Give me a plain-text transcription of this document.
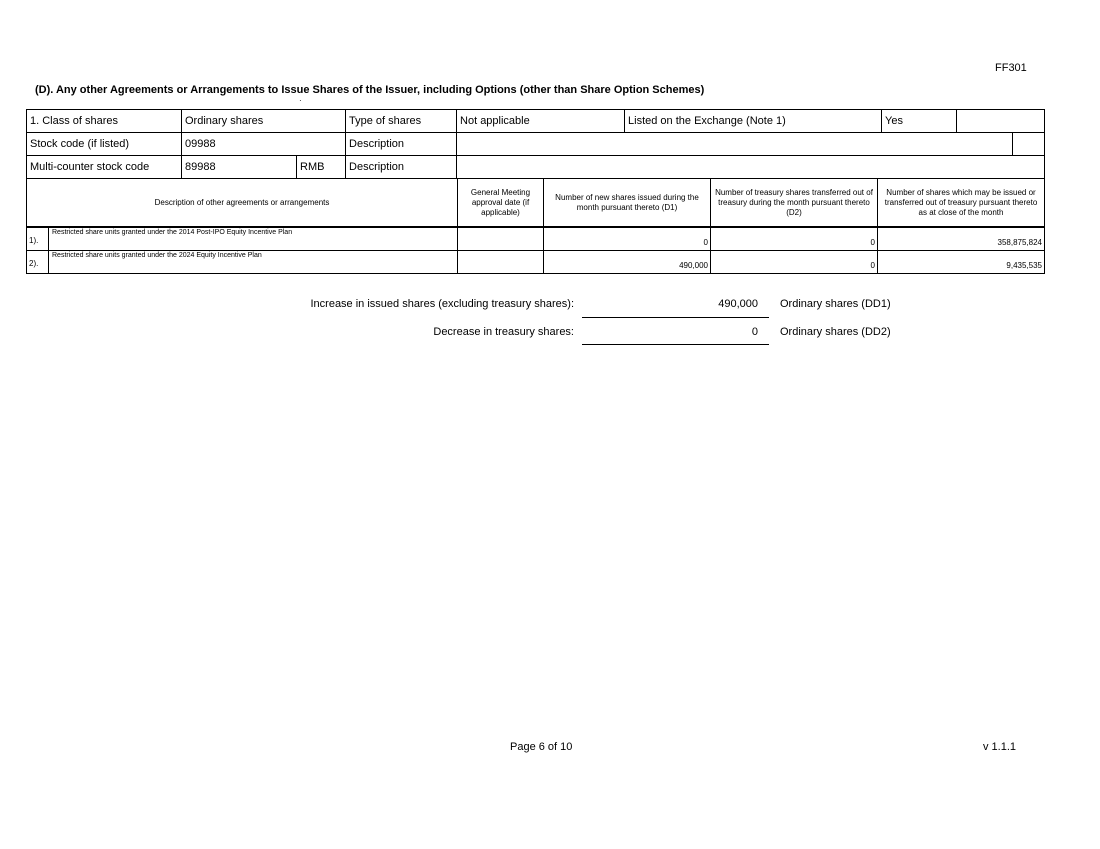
FF301
(D). Any other Agreements or Arrangements to Issue Shares of the Issuer, including Options (other than Share Option Schemes)
·
1. Class of shares	Ordinary shares		Type of shares	Not applicable	Listed on the Exchange (Note 1)	Yes		
Stock code (if listed)	09988		Description					
Multi-counter stock code	89988	RMB	Description					
Description of other agreements or arrangements	General Meeting approval date (if applicable)	Number of new shares issued during the month pursuant thereto (D1)	Number of treasury shares transferred out of treasury during the month pursuant thereto (D2)	Number of shares which may be issued or transferred out of treasury pursuant thereto as at close of the month
1).	Restricted share units granted under the 2014 Post-IPO Equity Incentive Plan		0	0	358,875,824

2).	Restricted share units granted under the 2024 Equity Incentive Plan		490,000	0	9,435,535
Increase in issued shares (excluding treasury shares):	490,000 Ordinary shares (DD1)
Decrease in treasury shares:	0 Ordinary shares (DD2)
Page 6 of 10	v 1.1.1
